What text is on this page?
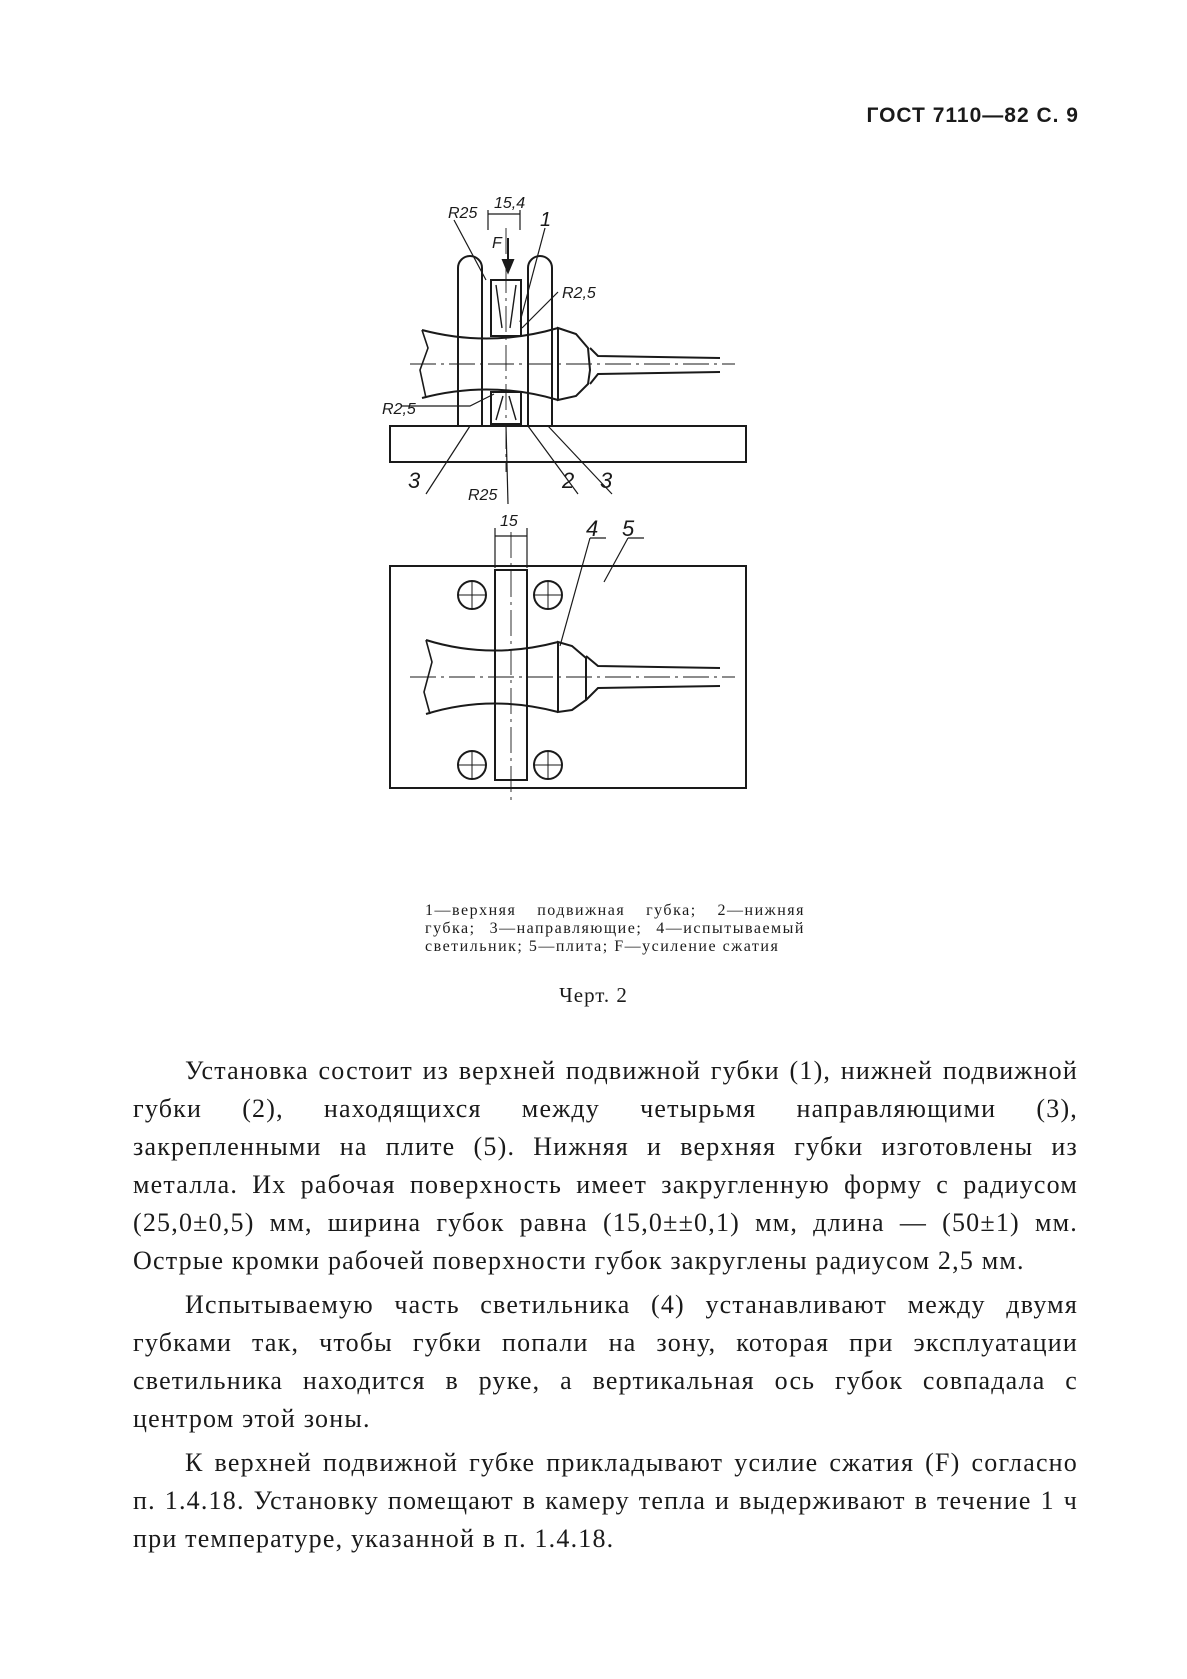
ГОСТ 7110—82 С. 9
15,4
R25
F
1
R2,5
R2,5
3	2 3
R25
15	4 5
1—верхняя подвижная губка; 2—нижняя губка; 3—направляющие; 4—испытываемый светильник; 5—плита; F—усиление сжатия
Черт. 2

Установка состоит из верхней подвижной губки (1), нижней подвижной губки (2), находящихся между четырьмя направляющими (3), закрепленными на плите (5). Нижняя и верхняя губки изготовлены из металла. Их рабочая поверхность имеет закругленную форму с радиусом (25,0±0,5) мм, ширина губок равна (15,0±±0,1) мм, длина — (50±1) мм. Острые кромки рабочей поверхности губок закруглены радиусом 2,5 мм.

Испытываемую часть светильника (4) устанавливают между двумя губками так, чтобы губки попали на зону, которая при эксплуатации светильника находится в руке, а вертикальная ось губок совпадала с центром этой зоны.

К верхней подвижной губке прикладывают усилие сжатия (F) согласно п. 1.4.18. Установку помещают в камеру тепла и выдерживают в течение 1 ч при температуре, указанной в п. 1.4.18.
